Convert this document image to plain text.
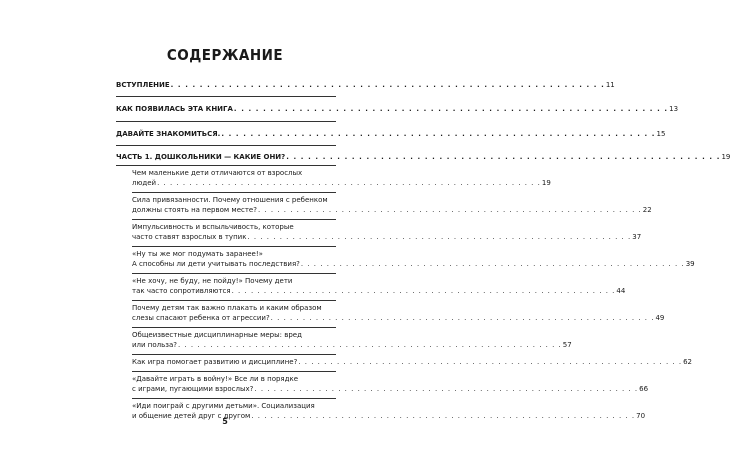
СОДЕРЖАНИЕ
ВСТУПЛЕНИЕ . . . . . . . . . . . . . . . . . . . . . . . . . . . . . . . . . . . . . . . . . . . . . . . . . . . . . . . . . . . . 11
КАК ПОЯВИЛАСЬ ЭТА КНИГА . . . . . . . . . . . . . . . . . . . . . . . . . . . . . . . . . . . . . . . . . . . . . . . . . . . . . . . . . . . . 13
ДАВАЙТЕ ЗНАКОМИТЬСЯ. . . . . . . . . . . . . . . . . . . . . . . . . . . . . . . . . . . . . . . . . . . . . . . . . . . . . . . . . . . . . 15
ЧАСТЬ 1. ДОШКОЛЬНИКИ — КАКИЕ ОНИ? . . . . . . . . . . . . . . . . . . . . . . . . . . . . . . . . . . . . . . . . . . . . . . . . . . . . . . . . . . . . 19
Чем маленькие дети отличаются от взрослых
людей . . . . . . . . . . . . . . . . . . . . . . . . . . . . . . . . . . . . . . . . . . . . . . . . . . . . . . . . . . . . 19
Сила привязанности. Почему отношения с ребенком
должны стоять на первом месте? . . . . . . . . . . . . . . . . . . . . . . . . . . . . . . . . . . . . . . . . . . . . . . . . . . . . . . . . . . . . 22
Импульсивность и вспыльчивость, которые
часто ставят взрослых в тупик . . . . . . . . . . . . . . . . . . . . . . . . . . . . . . . . . . . . . . . . . . . . . . . . . . . . . . . . . . . . 37
«Ну ты же мог подумать заранее!»
А способны ли дети учитывать последствия? . . . . . . . . . . . . . . . . . . . . . . . . . . . . . . . . . . . . . . . . . . . . . . . . . . . . . . . . . . . . 39
«Не хочу, не буду, не пойду!» Почему дети
так часто сопротивляются . . . . . . . . . . . . . . . . . . . . . . . . . . . . . . . . . . . . . . . . . . . . . . . . . . . . . . . . . . . . 44
Почему детям так важно плакать и каким образом
слезы спасают ребенка от агрессии? . . . . . . . . . . . . . . . . . . . . . . . . . . . . . . . . . . . . . . . . . . . . . . . . . . . . . . . . . . . . 49
Общеизвестные дисциплинарные меры: вред
или польза? . . . . . . . . . . . . . . . . . . . . . . . . . . . . . . . . . . . . . . . . . . . . . . . . . . . . . . . . . . . . 57
Как игра помогает развитию и дисциплине? . . . . . . . . . . . . . . . . . . . . . . . . . . . . . . . . . . . . . . . . . . . . . . . . . . . . . . . . . . . . 62
«Давайте играть в войну!» Все ли в порядке
с играми, пугающими взрослых? . . . . . . . . . . . . . . . . . . . . . . . . . . . . . . . . . . . . . . . . . . . . . . . . . . . . . . . . . . . . 66
«Иди поиграй с другими детьми». Социализация
и общение детей друг с другом . . . . . . . . . . . . . . . . . . . . . . . . . . . . . . . . . . . . . . . . . . . . . . . . . . . . . . . . . . . . 70
5
